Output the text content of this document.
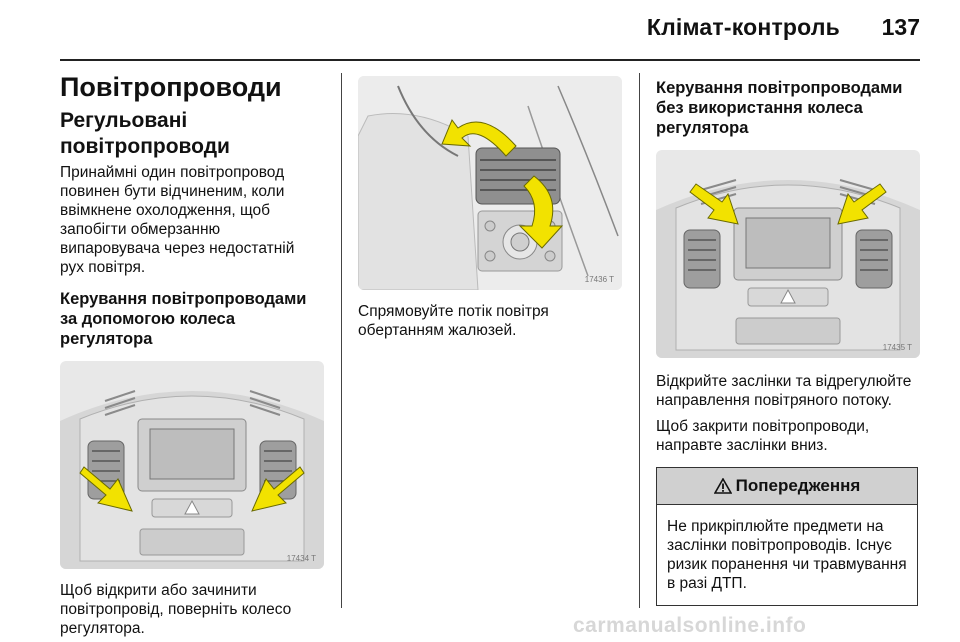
Клімат-контроль 137
Повітропроводи
Регульовані повітропроводи

Принаймні один повітропровод повинен бути відчиненим, коли ввімкнене охолодження, щоб запобігти обмерзанню випаровувача через недостатній рух повітря.

Керування повітропроводами за допомогою колеса регулятора
17434 T

Щоб відкрити або зачинити повітропровід, поверніть колесо регулятора.

17436 T

Спрямовуйте потік повітря обертанням жалюзей.

Керування повітропроводами без використання колеса регулятора
17435 T

Відкрийте заслінки та відрегулюйте направлення повітряного потоку.

Щоб закрити повітропроводи, направте заслінки вниз.

Попередження

Не прикріплюйте предмети на заслінки повітропроводів. Існує ризик поранення чи травмування в разі ДТП.

carmanualsonline.info
